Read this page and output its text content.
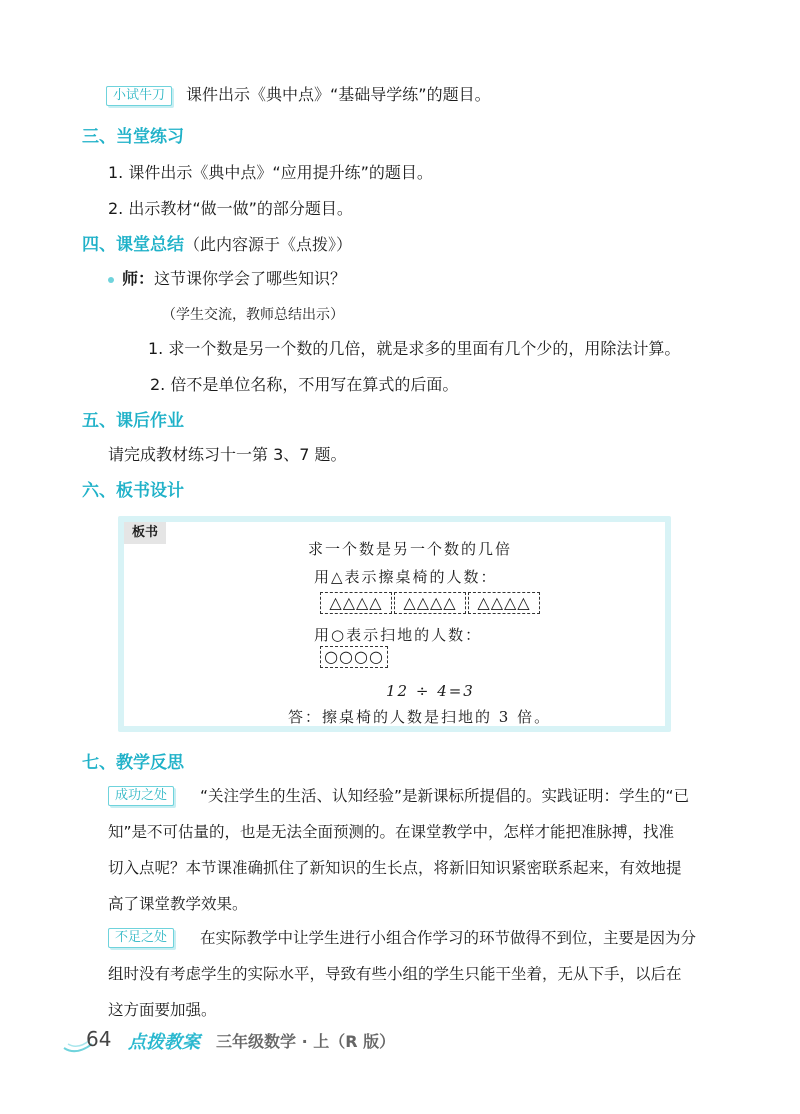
小试牛刀	课件出示《典中点》“基础导学练”的题目。
三、当堂练习
1. 课件出示《典中点》“应用提升练”的题目。
2. 出示教材“做一做”的部分题目。
四、课堂总结（此内容源于《点拨》）
师：这节课你学会了哪些知识？
（学生交流，教师总结出示）
1. 求一个数是另一个数的几倍，就是求多的里面有几个少的，用除法计算。
2. 倍不是单位名称，不用写在算式的后面。
五、课后作业
请完成教材练习十一第 3、7 题。
六、板书设计
板书
求一个数是另一个数的几倍
用△表示擦桌椅的人数：
△△△△	△△△△	△△△△
用○表示扫地的人数：
○○○○
12 ÷ 4=3
答：擦桌椅的人数是扫地的 3 倍。
七、教学反思
成功之处	“关注学生的生活、认知经验”是新课标所提倡的。实践证明：学生的“已
知”是不可估量的，也是无法全面预测的。在课堂教学中，怎样才能把准脉搏，找准
切入点呢？本节课准确抓住了新知识的生长点，将新旧知识紧密联系起来，有效地提
高了课堂教学效果。
不足之处	在实际教学中让学生进行小组合作学习的环节做得不到位，主要是因为分
组时没有考虑学生的实际水平，导致有些小组的学生只能干坐着，无从下手，以后在
这方面要加强。
64 点拨教案 三年级数学 · 上（R 版）
